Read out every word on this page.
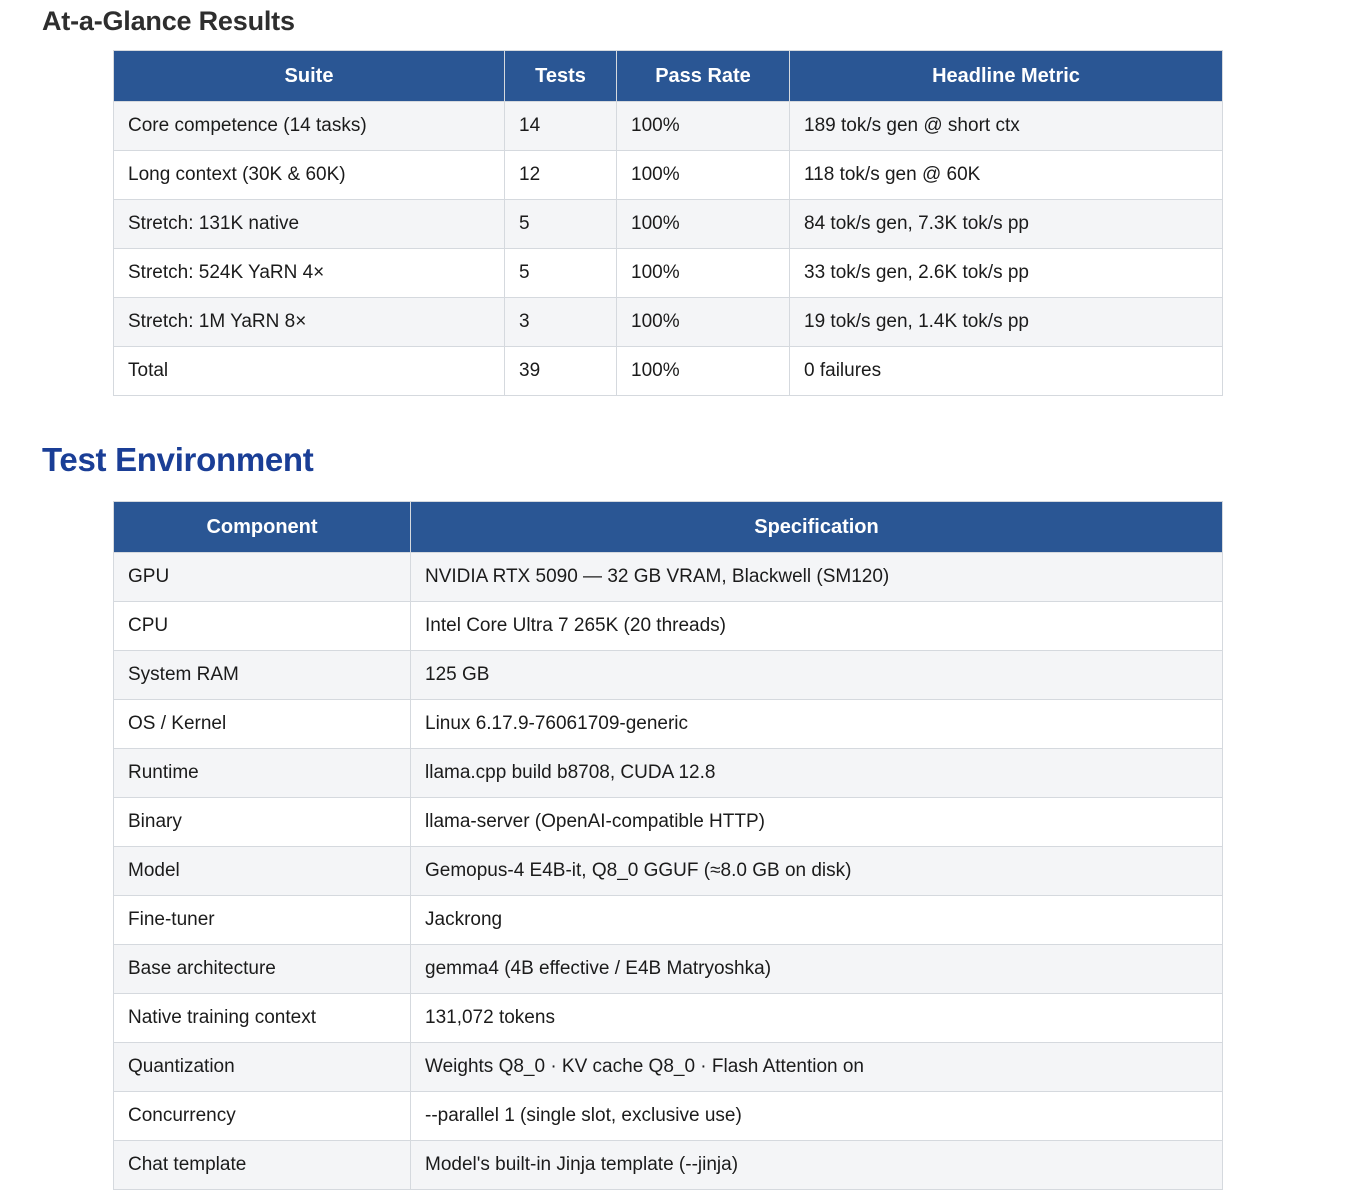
At-a-Glance Results
Suite	Tests	Pass Rate	Headline Metric
Core competence (14 tasks)	14	100%	189 tok/s gen @ short ctx
Long context (30K & 60K)	12	100%	118 tok/s gen @ 60K
Stretch: 131K native	5	100%	84 tok/s gen, 7.3K tok/s pp
Stretch: 524K YaRN 4×	5	100%	33 tok/s gen, 2.6K tok/s pp
Stretch: 1M YaRN 8×	3	100%	19 tok/s gen, 1.4K tok/s pp
Total	39	100%	0 failures
Test Environment
Component	Specification
GPU	NVIDIA RTX 5090 — 32 GB VRAM, Blackwell (SM120)
CPU	Intel Core Ultra 7 265K (20 threads)
System RAM	125 GB
OS / Kernel	Linux 6.17.9-76061709-generic
Runtime	llama.cpp build b8708, CUDA 12.8
Binary	llama-server (OpenAI-compatible HTTP)
Model	Gemopus-4 E4B-it, Q8_0 GGUF (≈8.0 GB on disk)
Fine-tuner	Jackrong
Base architecture	gemma4 (4B effective / E4B Matryoshka)
Native training context	131,072 tokens
Quantization	Weights Q8_0 · KV cache Q8_0 · Flash Attention on
Concurrency	--parallel 1 (single slot, exclusive use)
Chat template	Model's built-in Jinja template (--jinja)
